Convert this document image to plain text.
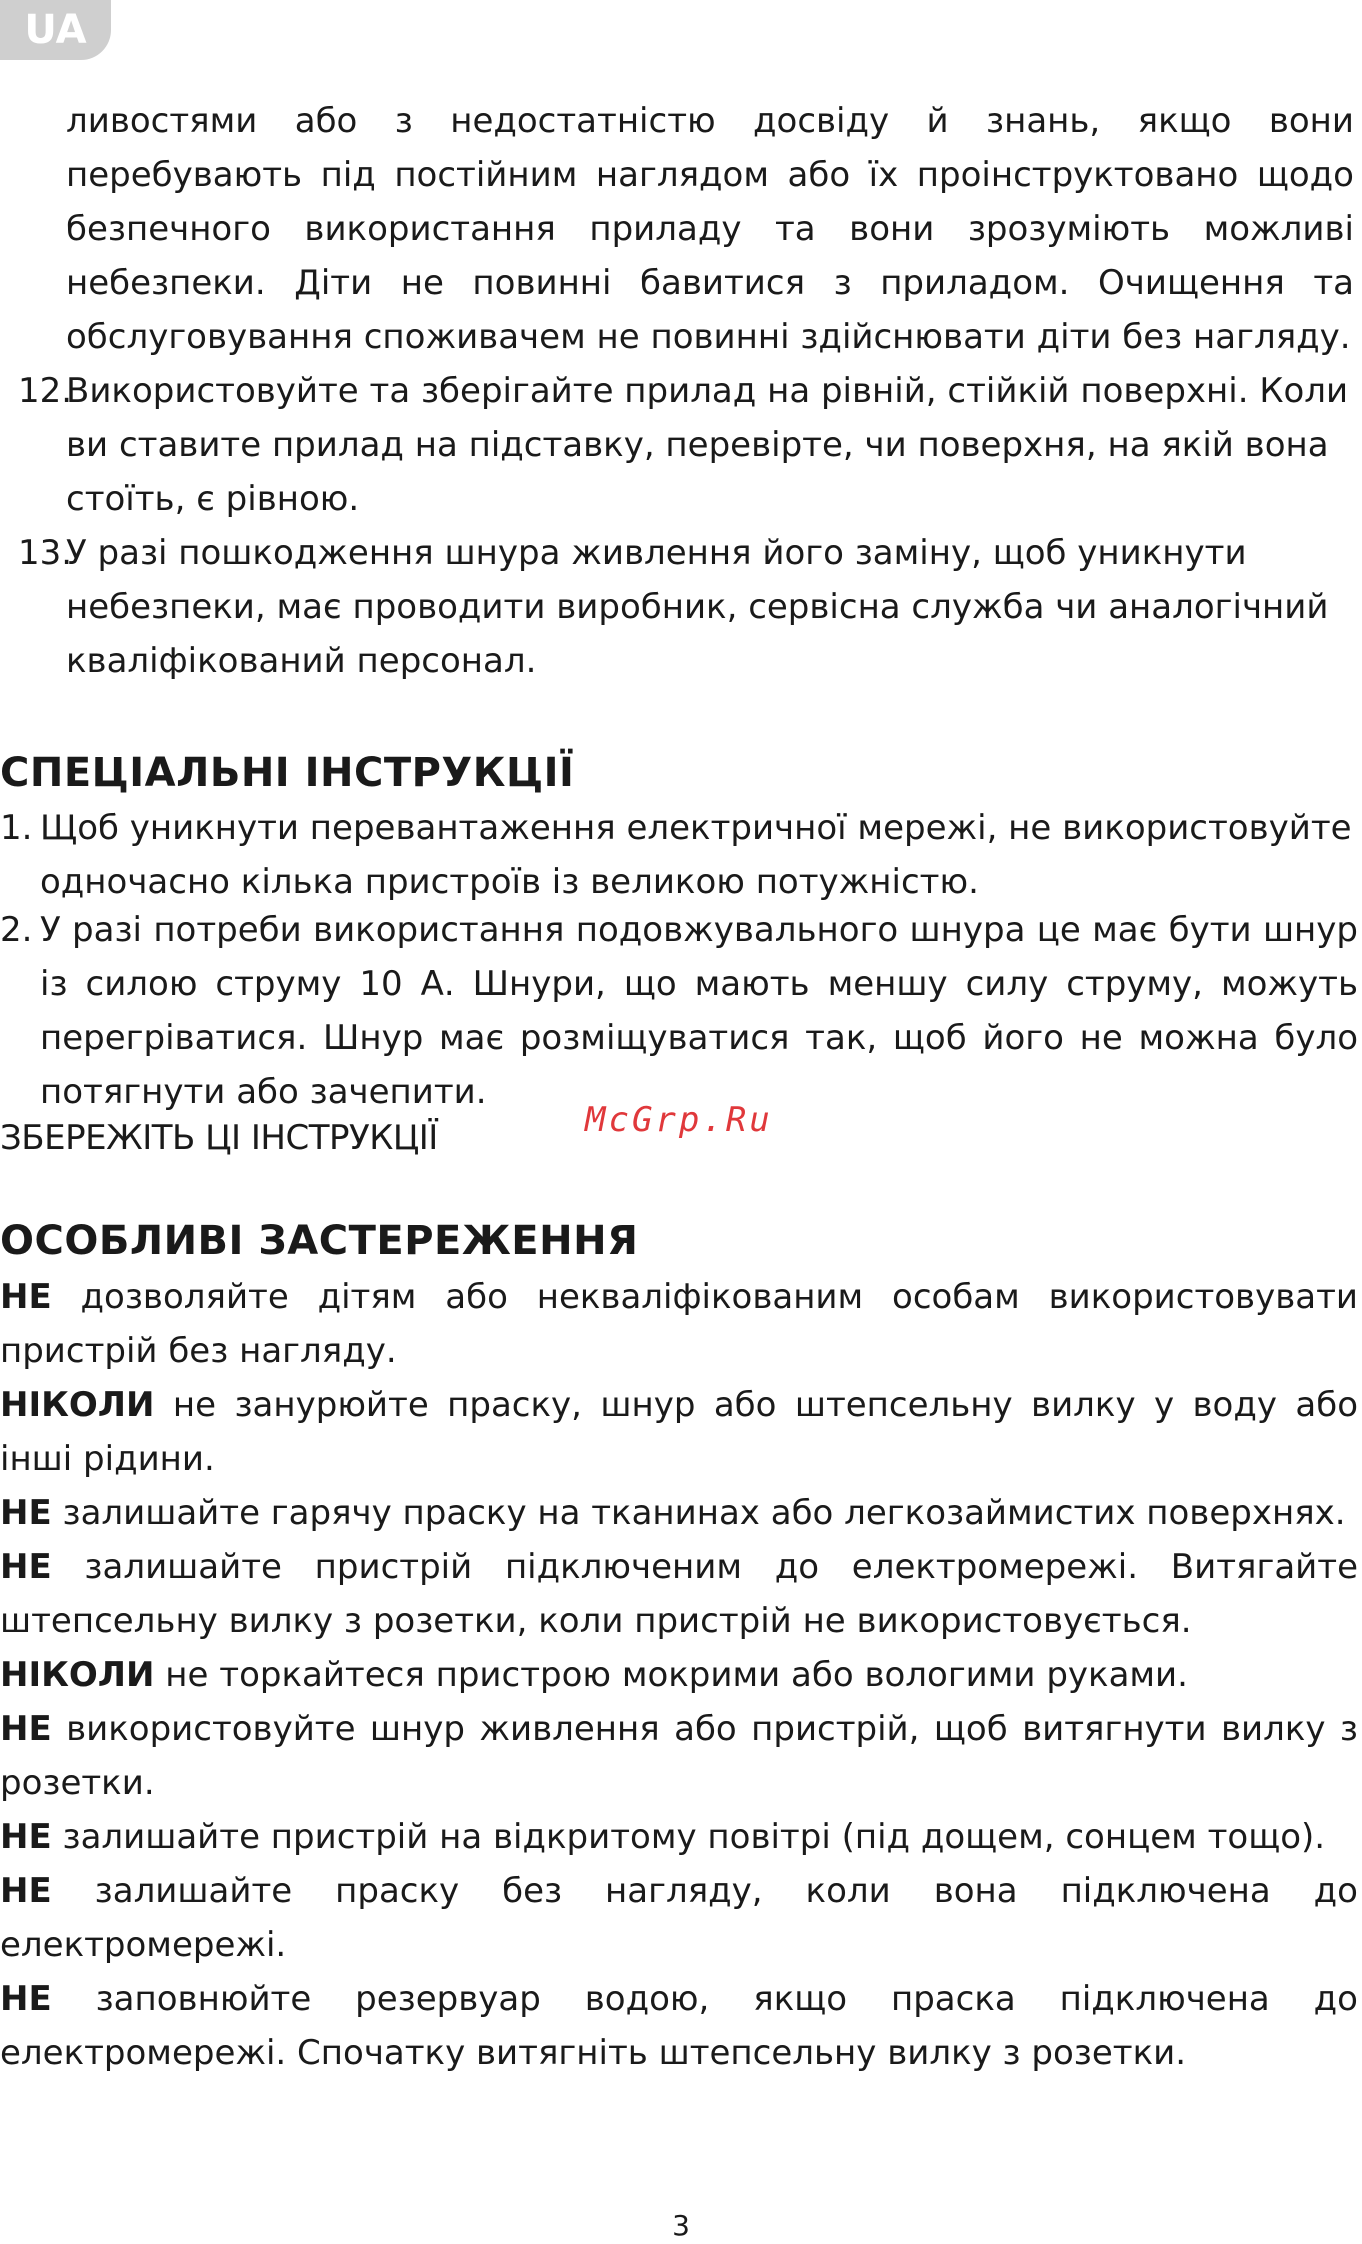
UA
ливостями або з недостатністю досвіду й знань, якщо вони перебувають під постійним наглядом або їх проінструктовано щодо безпечного використання приладу та вони зрозуміють можливі небезпеки. Діти не повинні бавитися з приладом. Очищення та обслуговування споживачем не повинні здійснювати діти без нагляду.
12.
Використовуйте та зберігайте прилад на рівній, стійкій поверхні. Коли ви ставите прилад на підставку, перевірте, чи поверхня, на якій вона стоїть, є рівною.
13.
У разі пошкодження шнура живлення його заміну, щоб уникнути небезпеки, має проводити виробник, сервісна служба чи аналогічний кваліфікований персонал.
СПЕЦІАЛЬНІ ІНСТРУКЦІЇ
1. Щоб уникнути перевантаження електричної мережі, не використовуйте одночасно кілька пристроїв із великою потужністю.
2. У разі потреби використання подовжувального шнура це має бути шнур із силою струму 10 А. Шнури, що мають меншу силу струму, можуть перегріватися. Шнур має розміщуватися так, щоб його не можна було потягнути або зачепити.
ЗБЕРЕЖІТЬ ЦІ ІНСТРУКЦІЇ	McGrp.Ru
ОСОБЛИВІ ЗАСТЕРЕЖЕННЯ
НЕ дозволяйте дітям або некваліфікованим особам використовувати пристрій без нагляду.
НІКОЛИ не занурюйте праску, шнур або штепсельну вилку у воду або інші рідини.
НЕ залишайте гарячу праску на тканинах або легкозаймистих поверхнях.
НЕ залишайте пристрій підключеним до електромережі. Витягайте штепсельну вилку з розетки, коли пристрій не використовується.
НІКОЛИ не торкайтеся пристрою мокрими або вологими руками.
НЕ використовуйте шнур живлення або пристрій, щоб витягнути вилку з розетки.
НЕ залишайте пристрій на відкритому повітрі (під дощем, сонцем тощо).
НЕ залишайте праску без нагляду, коли вона підключена до електромережі.
НЕ заповнюйте резервуар водою, якщо праска підключена до електромережі. Спочатку витягніть штепсельну вилку з розетки.
3
